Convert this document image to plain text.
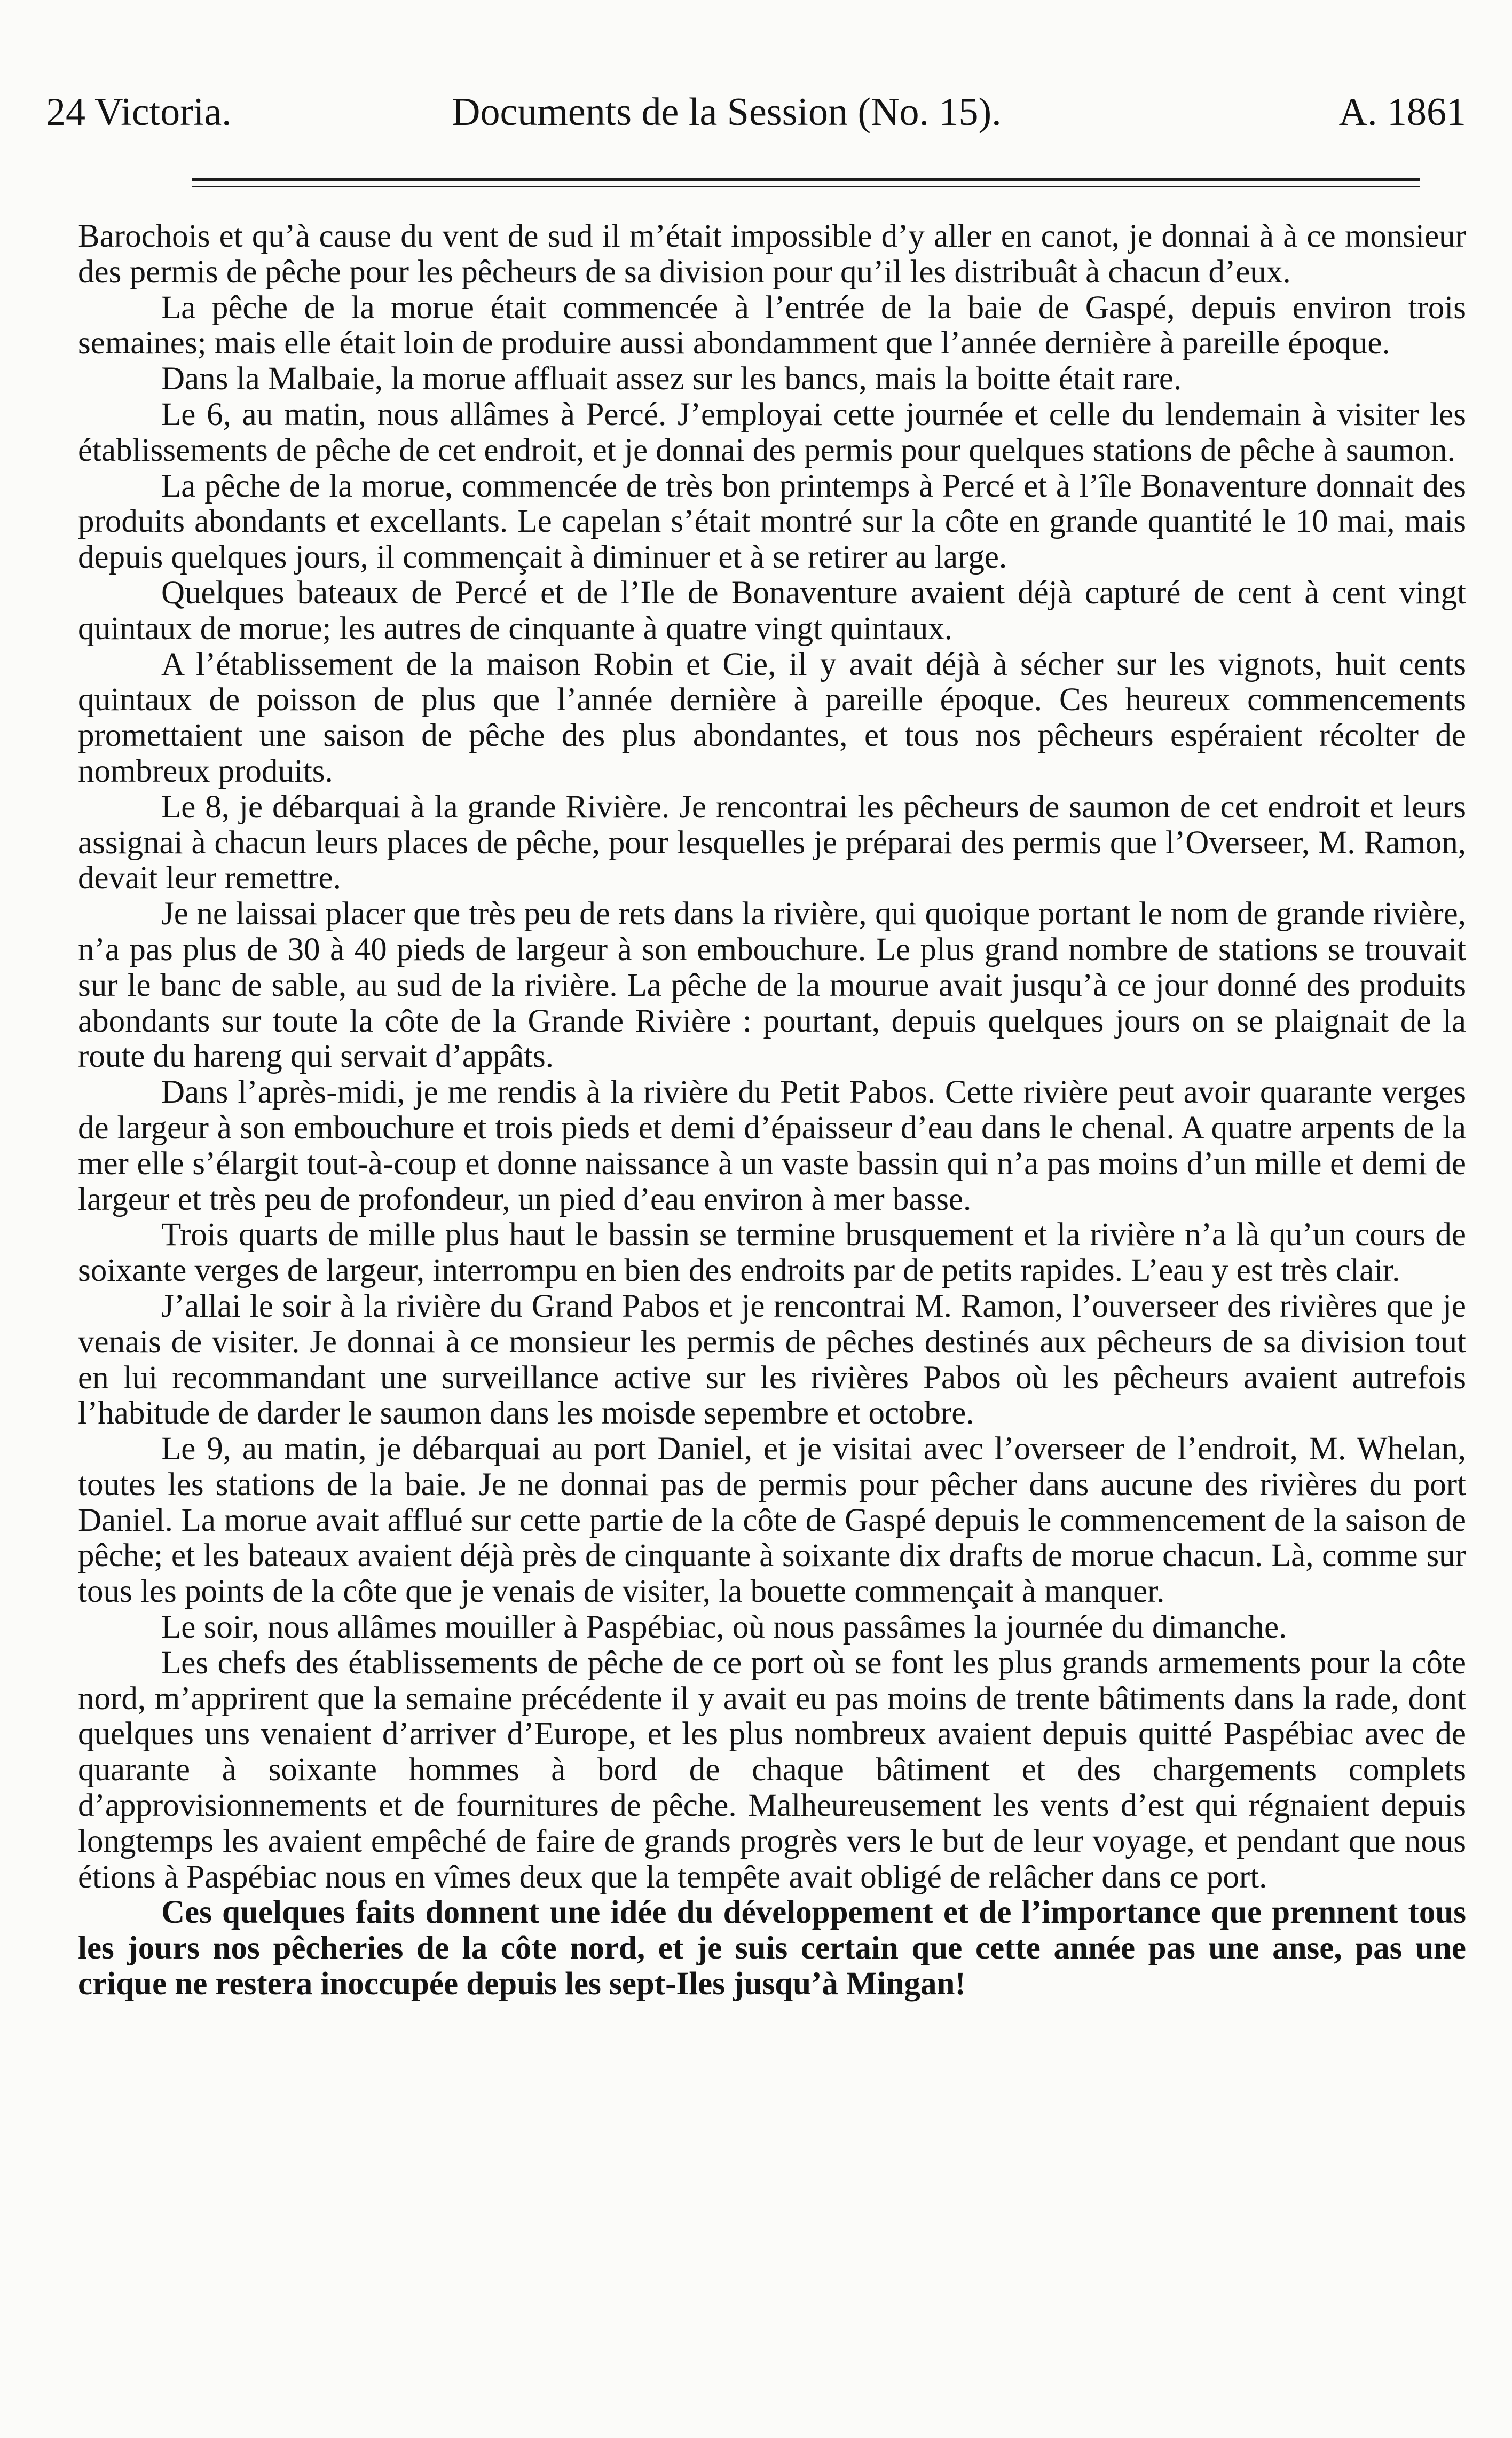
24 Victoria.	Documents de la Session (No. 15).	A. 1861

Barochois et qu’à cause du vent de sud il m’était impossible d’y aller en canot, je donnai à à ce monsieur des permis de pêche pour les pêcheurs de sa division pour qu’il les distribuât à chacun d’eux.

La pêche de la morue était commencée à l’entrée de la baie de Gaspé, depuis environ trois semaines; mais elle était loin de produire aussi abondamment que l’année dernière à pareille époque.

Dans la Malbaie, la morue affluait assez sur les bancs, mais la boitte était rare.

Le 6, au matin, nous allâmes à Percé. J’employai cette journée et celle du lendemain à visiter les établissements de pêche de cet endroit, et je donnai des permis pour quelques stations de pêche à saumon.

La pêche de la morue, commencée de très bon printemps à Percé et à l’île Bonaventure donnait des produits abondants et excellants. Le capelan s’était montré sur la côte en grande quantité le 10 mai, mais depuis quelques jours, il commençait à diminuer et à se retirer au large.

Quelques bateaux de Percé et de l’Ile de Bonaventure avaient déjà capturé de cent à cent vingt quintaux de morue; les autres de cinquante à quatre vingt quintaux.

A l’établissement de la maison Robin et Cie, il y avait déjà à sécher sur les vignots, huit cents quintaux de poisson de plus que l’année dernière à pareille époque. Ces heureux commencements promettaient une saison de pêche des plus abondantes, et tous nos pêcheurs espéraient récolter de nombreux produits.

Le 8, je débarquai à la grande Rivière. Je rencontrai les pêcheurs de saumon de cet endroit et leurs assignai à chacun leurs places de pêche, pour lesquelles je préparai des permis que l’Overseer, M. Ramon, devait leur remettre.

Je ne laissai placer que très peu de rets dans la rivière, qui quoique portant le nom de grande rivière, n’a pas plus de 30 à 40 pieds de largeur à son embouchure. Le plus grand nombre de stations se trouvait sur le banc de sable, au sud de la rivière. La pêche de la mourue avait jusqu’à ce jour donné des produits abondants sur toute la côte de la Grande Rivière : pourtant, depuis quelques jours on se plaignait de la route du hareng qui servait d’appâts.

Dans l’après-midi, je me rendis à la rivière du Petit Pabos. Cette rivière peut avoir quarante verges de largeur à son embouchure et trois pieds et demi d’épaisseur d’eau dans le chenal. A quatre arpents de la mer elle s’élargit tout-à-coup et donne naissance à un vaste bassin qui n’a pas moins d’un mille et demi de largeur et très peu de profondeur, un pied d’eau environ à mer basse.

Trois quarts de mille plus haut le bassin se termine brusquement et la rivière n’a là qu’un cours de soixante verges de largeur, interrompu en bien des endroits par de petits rapides. L’eau y est très clair.

J’allai le soir à la rivière du Grand Pabos et je rencontrai M. Ramon, l’ouverseer des rivières que je venais de visiter. Je donnai à ce monsieur les permis de pêches destinés aux pêcheurs de sa division tout en lui recommandant une surveillance active sur les rivières Pabos où les pêcheurs avaient autrefois l’habitude de darder le saumon dans les moisde sepembre et octobre.

Le 9, au matin, je débarquai au port Daniel, et je visitai avec l’overseer de l’endroit, M. Whelan, toutes les stations de la baie. Je ne donnai pas de permis pour pêcher dans aucune des rivières du port Daniel. La morue avait afflué sur cette partie de la côte de Gaspé depuis le commencement de la saison de pêche; et les bateaux avaient déjà près de cinquante à soixante dix drafts de morue chacun. Là, comme sur tous les points de la côte que je venais de visiter, la bouette commençait à manquer.

Le soir, nous allâmes mouiller à Paspébiac, où nous passâmes la journée du dimanche.

Les chefs des établissements de pêche de ce port où se font les plus grands armements pour la côte nord, m’apprirent que la semaine précédente il y avait eu pas moins de trente bâtiments dans la rade, dont quelques uns venaient d’arriver d’Europe, et les plus nombreux avaient depuis quitté Paspébiac avec de quarante à soixante hommes à bord de chaque bâtiment et des chargements complets d’approvisionnements et de fournitures de pêche. Malheureusement les vents d’est qui régnaient depuis longtemps les avaient empêché de faire de grands progrès vers le but de leur voyage, et pendant que nous étions à Paspébiac nous en vîmes deux que la tempête avait obligé de relâcher dans ce port.

Ces quelques faits donnent une idée du développement et de l’importance que prennent tous les jours nos pêcheries de la côte nord, et je suis certain que cette année pas une anse, pas une crique ne restera inoccupée depuis les sept-Iles jusqu’à Mingan!
